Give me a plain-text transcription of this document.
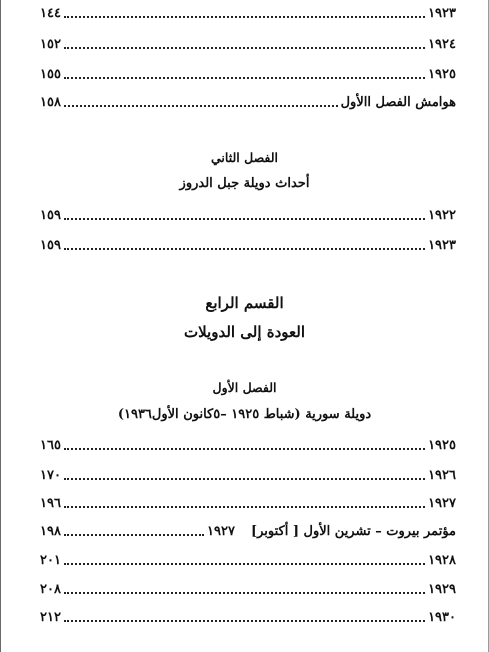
١٩٢٣
١٤٤
١٩٢٤
١٥٢
١٩٢٥
١٥٥
هوامش الفصل االأول
١٥٨
الفصل الثاني
أحداث دويلة جبل الدروز
١٩٢٢
١٥٩
١٩٢٣
١٥٩
القسم الرابع
العودة إلى الدويلات
الفصل الأول
دويلة سورية (شباط ١٩٢٥ –٥كانون الأول١٩٣٦)
١٩٢٥
١٦٥
١٩٢٦
١٧٠
١٩٢٧
١٩٦
مؤتمر بيروت – تشرين الأول [ أكتوبر]
١٩٢٧
١٩٨
١٩٢٨
٢٠١
١٩٢٩
٢٠٨
١٩٣٠
٢١٢
